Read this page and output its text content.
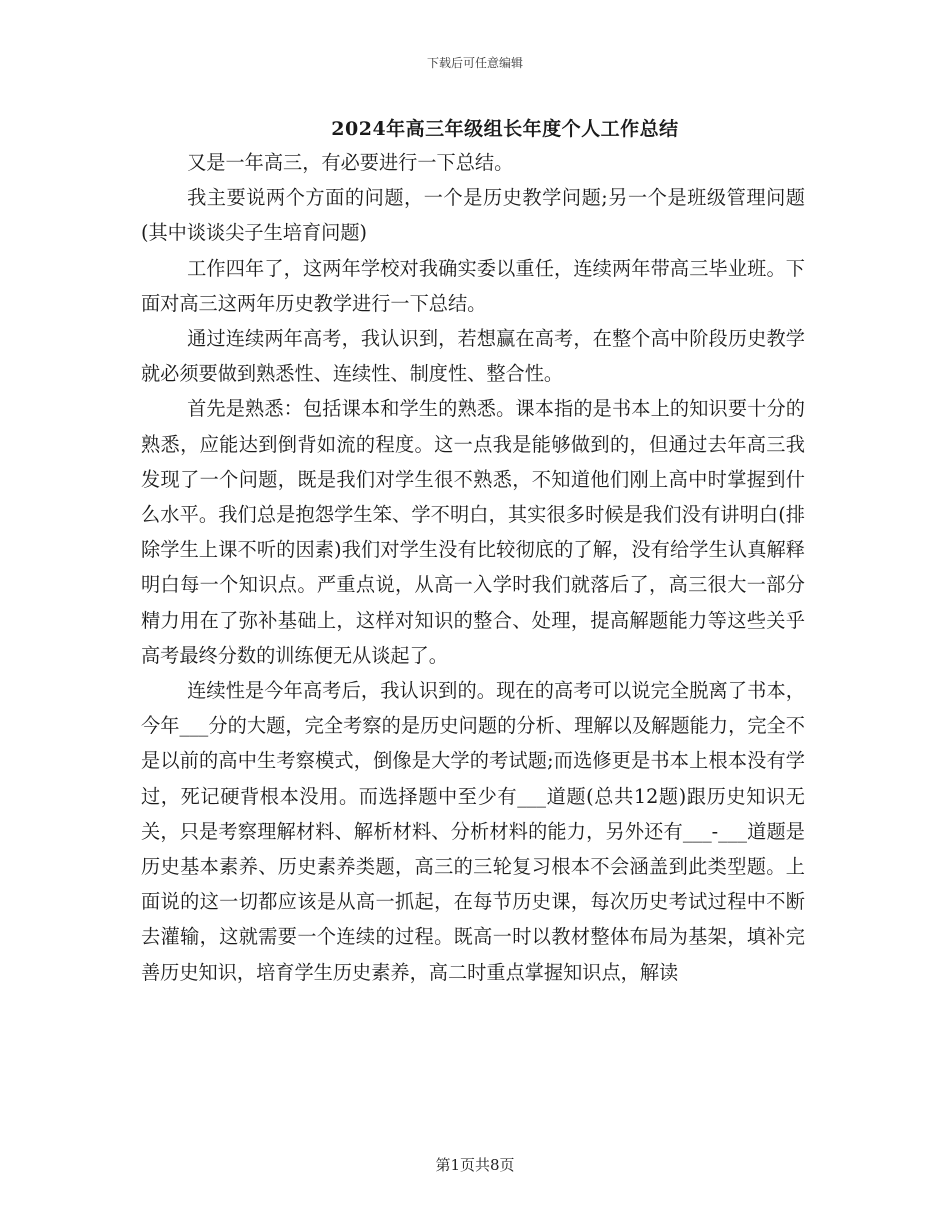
下载后可任意编辑
2024年高三年级组长年度个人工作总结

又是一年高三，有必要进行一下总结。

我主要说两个方面的问题，一个是历史教学问题;另一个是班级管理问题(其中谈谈尖子生培育问题)

工作四年了，这两年学校对我确实委以重任，连续两年带高三毕业班。下面对高三这两年历史教学进行一下总结。

通过连续两年高考，我认识到，若想赢在高考，在整个高中阶段历史教学就必须要做到熟悉性、连续性、制度性、整合性。

首先是熟悉：包括课本和学生的熟悉。课本指的是书本上的知识要十分的熟悉，应能达到倒背如流的程度。这一点我是能够做到的，但通过去年高三我发现了一个问题，既是我们对学生很不熟悉，不知道他们刚上高中时掌握到什么水平。我们总是抱怨学生笨、学不明白，其实很多时候是我们没有讲明白(排除学生上课不听的因素)我们对学生没有比较彻底的了解，没有给学生认真解释明白每一个知识点。严重点说，从高一入学时我们就落后了，高三很大一部分精力用在了弥补基础上，这样对知识的整合、处理，提高解题能力等这些关乎高考最终分数的训练便无从谈起了。

连续性是今年高考后，我认识到的。现在的高考可以说完全脱离了书本，今年___分的大题，完全考察的是历史问题的分析、理解以及解题能力，完全不是以前的高中生考察模式，倒像是大学的考试题;而选修更是书本上根本没有学过，死记硬背根本没用。而选择题中至少有___道题(总共12题)跟历史知识无关，只是考察理解材料、解析材料、分析材料的能力，另外还有___-___道题是历史基本素养、历史素养类题，高三的三轮复习根本不会涵盖到此类型题。上面说的这一切都应该是从高一抓起，在每节历史课，每次历史考试过程中不断去灌输，这就需要一个连续的过程。既高一时以教材整体布局为基架，填补完善历史知识，培育学生历史素养，高二时重点掌握知识点，解读

第1页共8页
